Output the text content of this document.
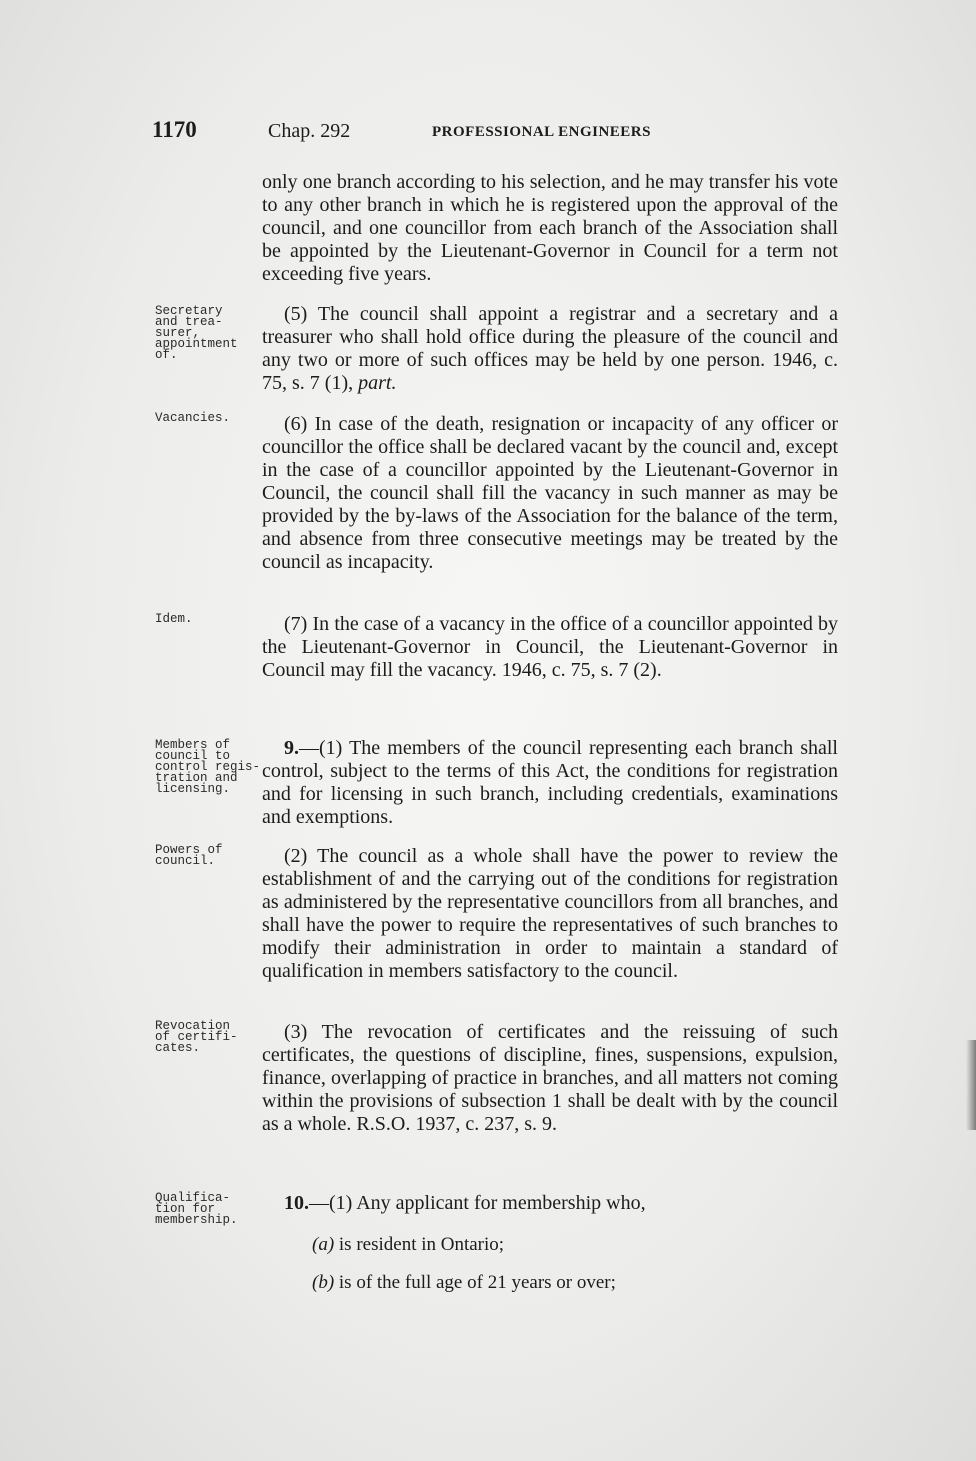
1170	Chap. 292	PROFESSIONAL ENGINEERS

only one branch according to his selection, and he may transfer his vote to any other branch in which he is registered upon the approval of the council, and one councillor from each branch of the Association shall be appointed by the Lieutenant-Governor in Council for a term not exceeding five years.

Secretary
and trea-
surer,
appointment
of.

(5) The council shall appoint a registrar and a secretary and a treasurer who shall hold office during the pleasure of the council and any two or more of such offices may be held by one person. 1946, c. 75, s. 7 (1), part.

Vacancies.	(6) In case of the death, resignation or incapacity of any officer or councillor the office shall be declared vacant by the council and, except in the case of a councillor appointed by the Lieutenant-Governor in Council, the council shall fill the vacancy in such manner as may be provided by the by-laws of the Association for the balance of the term, and absence from three consecutive meetings may be treated by the council as incapacity.

Idem.	(7) In the case of a vacancy in the office of a councillor appointed by the Lieutenant-Governor in Council, the Lieutenant-Governor in Council may fill the vacancy. 1946, c. 75, s. 7 (2).

Members of
council to
control regis-
tration and
licensing.

9.—(1) The members of the council representing each branch shall control, subject to the terms of this Act, the conditions for registration and for licensing in such branch, including credentials, examinations and exemptions.

Powers of
council.	(2) The council as a whole shall have the power to review the establishment of and the carrying out of the conditions for registration as administered by the representative councillors from all branches, and shall have the power to require the representatives of such branches to modify their administration in order to maintain a standard of qualification in members satisfactory to the council.

Revocation
of certifi-
cates.

(3) The revocation of certificates and the reissuing of such certificates, the questions of discipline, fines, suspensions, expulsion, finance, overlapping of practice in branches, and all matters not coming within the provisions of subsection 1 shall be dealt with by the council as a whole. R.S.O. 1937, c. 237, s. 9.

Qualifica-
tion for
membership.

10.—(1) Any applicant for membership who,

(a) is resident in Ontario;
(b) is of the full age of 21 years or over;
